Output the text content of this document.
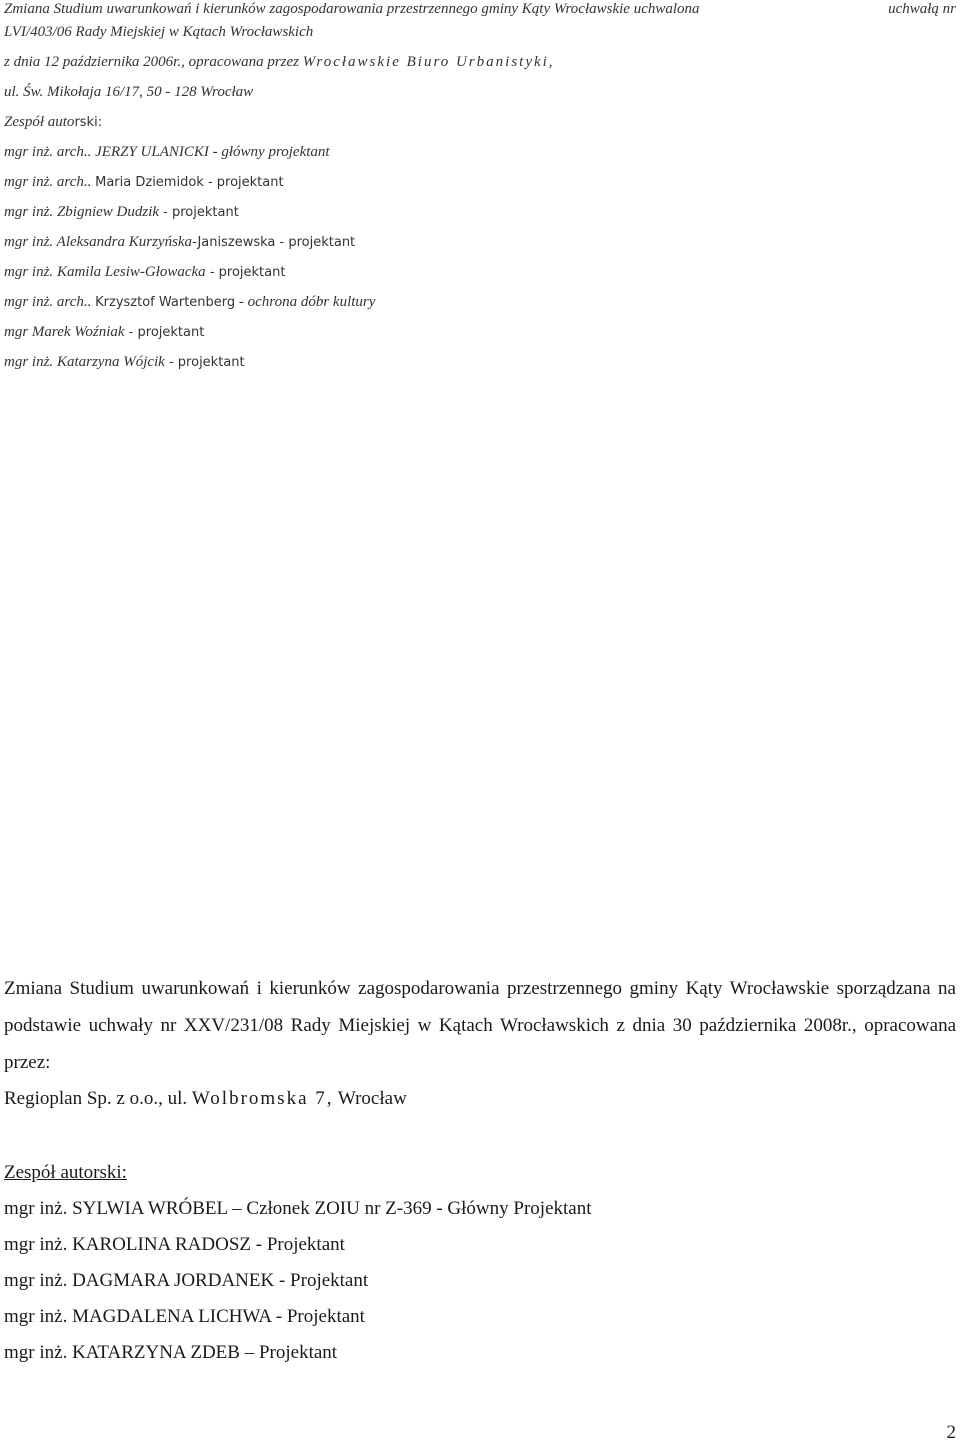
Zmiana Studium uwarunkowań i kierunków zagospodarowania przestrzennego gminy Kąty Wrocławskie uchwalona	uchwałą nr
LVI/403/06 Rady Miejskiej w Kątach Wrocławskich
z dnia 12 października 2006r., opracowana przez Wrocławskie Biuro Urbanistyki,
ul. Św. Mikołaja 16/17, 50 - 128 Wrocław
Zespół autorski:
mgr inż. arch.. JERZY ULANICKI - główny projektant
mgr inż. arch.. Maria Dziemidok - projektant
mgr inż. Zbigniew Dudzik - projektant
mgr inż. Aleksandra Kurzyńska-Janiszewska - projektant
mgr inż. Kamila Lesiw-Głowacka - projektant
mgr inż. arch.. Krzysztof Wartenberg - ochrona dóbr kultury
mgr Marek Woźniak - projektant
mgr inż. Katarzyna Wójcik - projektant
Zmiana Studium uwarunkowań i kierunków zagospodarowania przestrzennego gminy Kąty Wrocławskie sporządzana na podstawie uchwały nr XXV/231/08 Rady Miejskiej w Kątach Wrocławskich z dnia 30 października 2008r., opracowana przez:
Regioplan Sp. z o.o., ul. Wolbromska 7, Wrocław
Zespół autorski:
mgr inż. SYLWIA WRÓBEL – Członek ZOIU nr Z-369 - Główny Projektant
mgr inż. KAROLINA RADOSZ - Projektant
mgr inż. DAGMARA JORDANEK - Projektant
mgr inż. MAGDALENA LICHWA - Projektant
mgr inż. KATARZYNA ZDEB – Projektant
2
